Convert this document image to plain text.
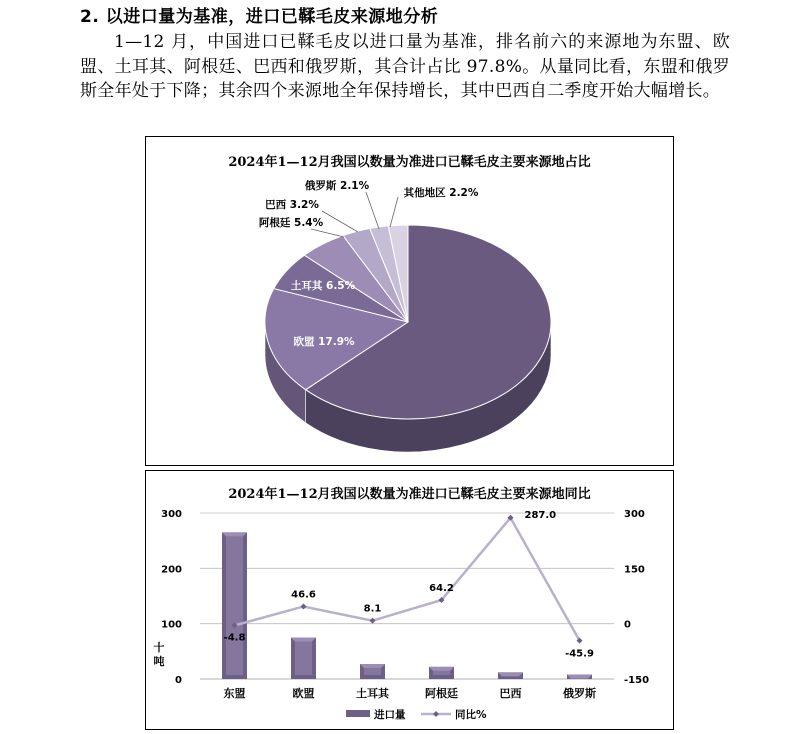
2. 以进口量为基准，进口已鞣毛皮来源地分析
1—12 月，中国进口已鞣毛皮以进口量为基准，排名前六的来源地为东盟、欧盟、土耳其、阿根廷、巴西和俄罗斯，其合计占比 97.8%。从量同比看，东盟和俄罗斯全年处于下降；其余四个来源地全年保持增长，其中巴西自二季度开始大幅增长。
2024年1—12月我国以数量为准进口已鞣毛皮主要来源地占比
东盟 62.7%
欧盟 17.9%
土耳其 6.5%
阿根廷 5.4%
巴西 3.2%
俄罗斯 2.1%
其他地区 2.2%
2024年1—12月我国以数量为准进口已鞣毛皮主要来源地同比
0
100
200
300
-150
0
150
300
十
吨
东盟	欧盟	土耳其	阿根廷	巴西	俄罗斯
-4.8
46.6
8.1
64.2
287.0
-45.9
进口量	同比%
